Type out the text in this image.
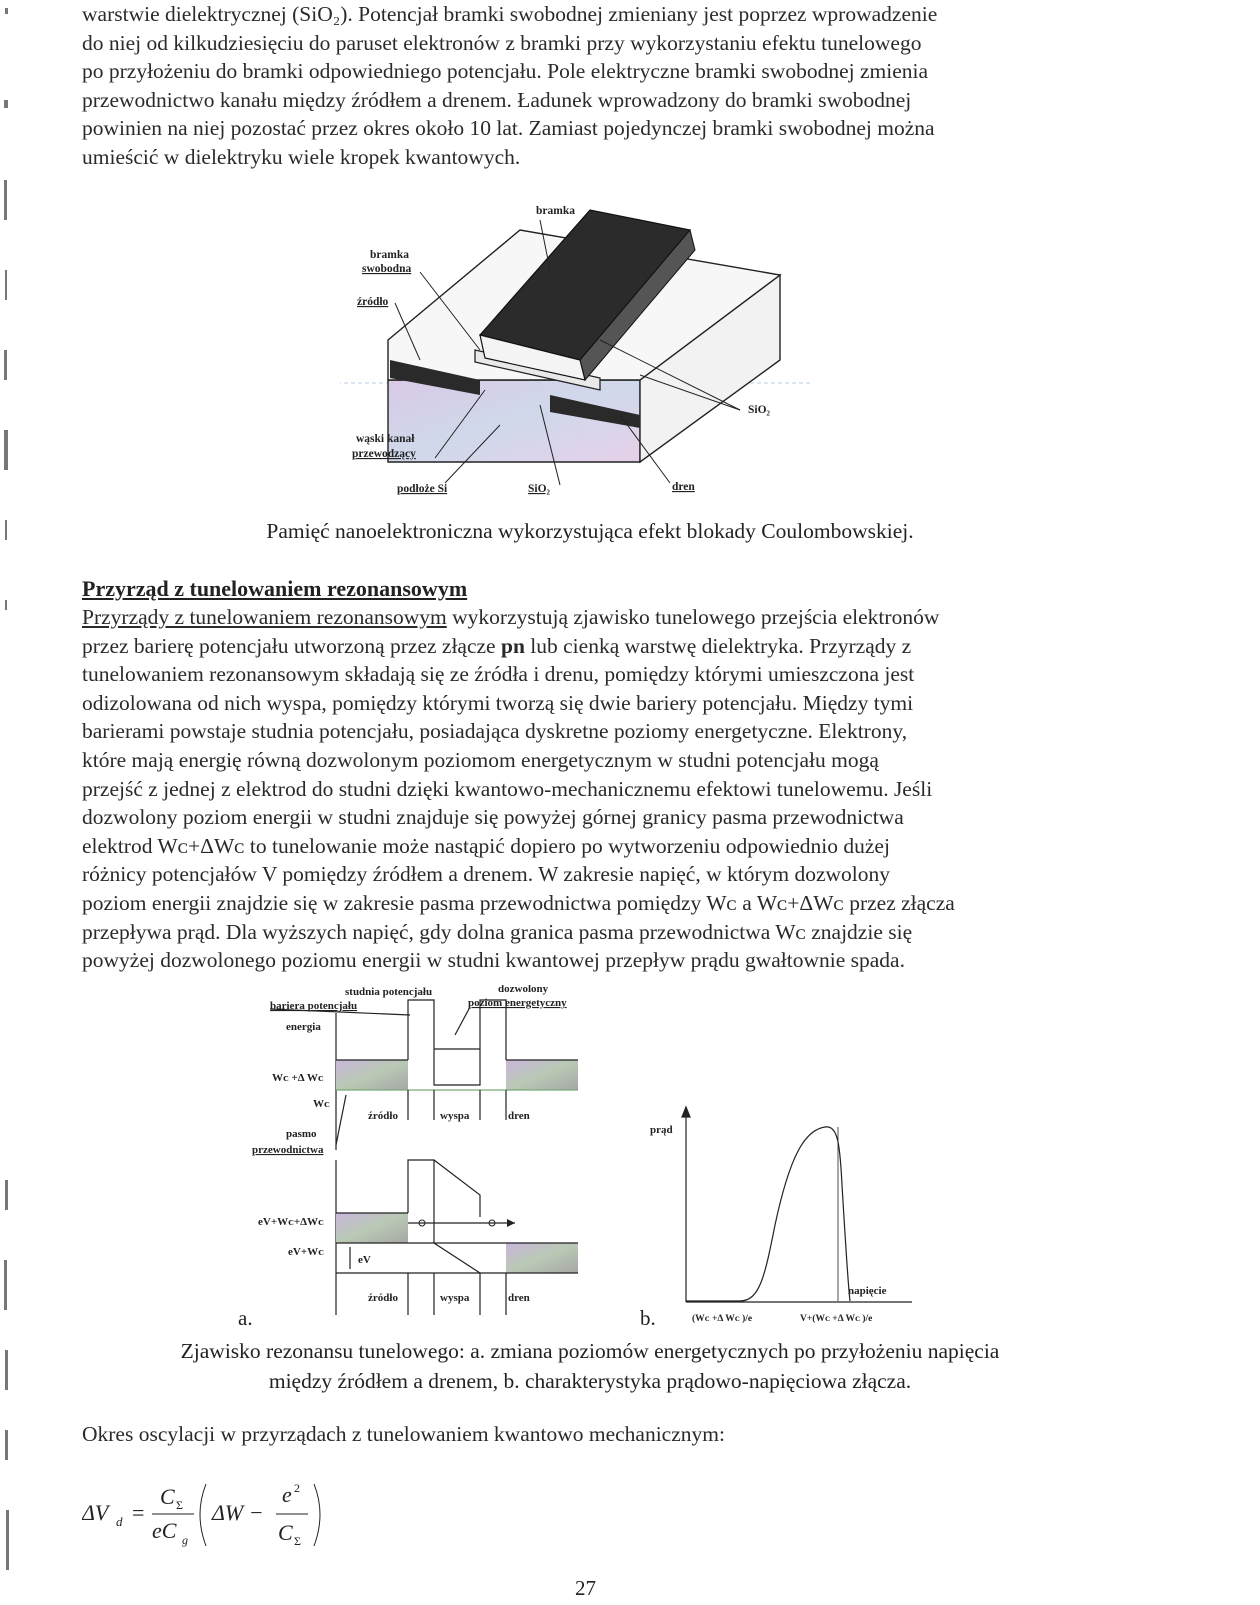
warstwie dielektrycznej (SiO₂). Potencjał bramki swobodnej zmieniany jest poprzez wprowadzenie
do niej od kilkudziesięciu do paruset elektronów z bramki przy wykorzystaniu efektu tunelowego
po przyłożeniu do bramki odpowiedniego potencjału. Pole elektryczne bramki swobodnej zmienia
przewodnictwo kanału między źródłem a drenem. Ładunek wprowadzony do bramki swobodnej
powinien na niej pozostać przez okres około 10 lat. Zamiast pojedynczej bramki swobodnej można
umieścić w dielektryku wiele kropek kwantowych.
bramka
bramka
swobodna
źródło
SiO₂
wąski kanał
przewodzący
podłoże Si	SiO₂	dren
Pamięć nanoelektroniczna wykorzystująca efekt blokady Coulombowskiej.
Przyrząd z tunelowaniem rezonansowym
Przyrządy z tunelowaniem rezonansowym wykorzystują zjawisko tunelowego przejścia elektronów
przez barierę potencjału utworzoną przez złącze pn lub cienką warstwę dielektryka. Przyrządy z
tunelowaniem rezonansowym składają się ze źródła i drenu, pomiędzy którymi umieszczona jest
odizolowana od nich wyspa, pomiędzy którymi tworzą się dwie bariery potencjału. Między tymi
barierami powstaje studnia potencjału, posiadająca dyskretne poziomy energetyczne. Elektrony,
które mają energię równą dozwolonym poziomom energetycznym w studni potencjału mogą
przejść z jednej z elektrod do studni dzięki kwantowo-mechanicznemu efektowi tunelowemu. Jeśli
dozwolony poziom energii w studni znajduje się powyżej górnej granicy pasma przewodnictwa
elektrod Wᴄ+ΔWᴄ to tunelowanie może nastąpić dopiero po wytworzeniu odpowiednio dużej
różnicy potencjałów V pomiędzy źródłem a drenem. W zakresie napięć, w którym dozwolony
poziom energii znajdzie się w zakresie pasma przewodnictwa pomiędzy Wᴄ a Wᴄ+ΔWᴄ przez złącza
przepływa prąd. Dla wyższych napięć, gdy dolna granica pasma przewodnictwa Wᴄ znajdzie się
powyżej dozwolonego poziomu energii w studni kwantowej przepływ prądu gwałtownie spada.
studnia potencjału	dozwolony
bariera potencjału	poziom energetyczny
energia
Wᴄ +Δ Wᴄ
Wᴄ
pasmo
przewodnictwa
źródło	wyspa	dren
eV+Wᴄ+ΔWᴄ
eV+Wᴄ
eV
źródło	wyspa	dren
prąd
napięcie
(Wᴄ +Δ Wᴄ )/e	V+(Wᴄ +Δ Wᴄ )/e
a.	b.
Zjawisko rezonansu tunelowego: a. zmiana poziomów energetycznych po przyłożeniu napięcia
między źródłem a drenem, b. charakterystyka prądowo-napięciowa złącza.
Okres oscylacji w przyrządach z tunelowaniem kwantowo mechanicznym:
ΔV d =
C Σ
eC g
ΔW −
e 2
C Σ
27
